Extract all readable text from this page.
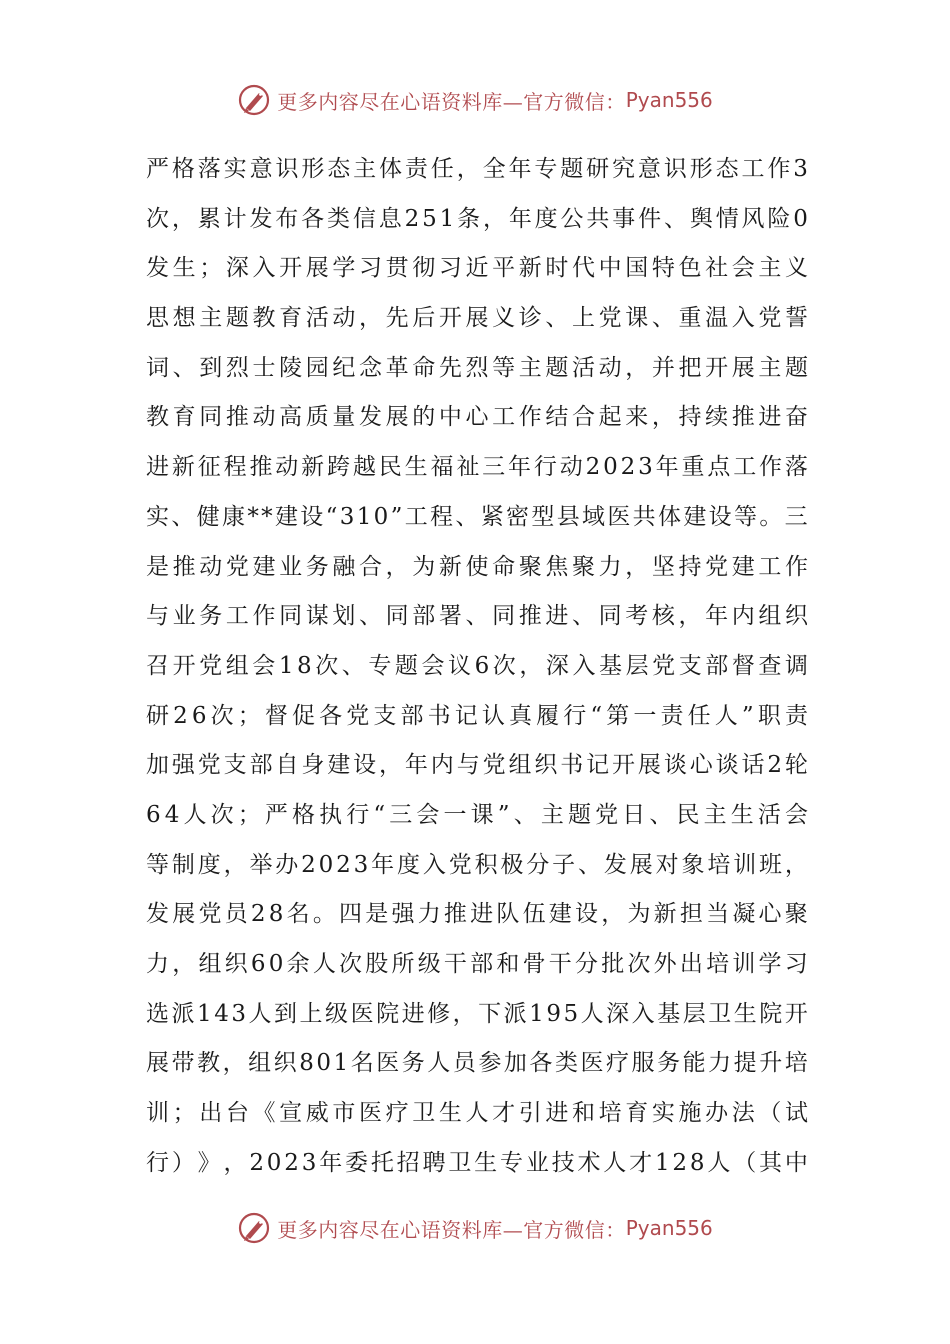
更多内容尽在心语资料库—官方微信： Pyan556
严 格 落 实 意 识 形 态 主 体 责 任 ， 全 年 专 题 研 究 意 识 形 态 工 作 3
次 ， 累 计 发 布 各 类 信 息 2 5 1 条 ， 年 度 公 共 事 件 、 舆 情 风 险 0
发 生 ； 深 入 开 展 学 习 贯 彻 习 近 平 新 时 代 中 国 特 色 社 会 主 义
思 想 主 题 教 育 活 动 ， 先 后 开 展 义 诊 、 上 党 课 、 重 温 入 党 誓
词 、 到 烈 士 陵 园 纪 念 革 命 先 烈 等 主 题 活 动 ， 并 把 开 展 主 题
教 育 同 推 动 高 质 量 发 展 的 中 心 工 作 结 合 起 来 ， 持 续 推 进 奋
进 新 征 程 推 动 新 跨 越 民 生 福 祉 三 年 行 动 2 0 2 3 年 重 点 工 作 落
实 、 健 康 * * 建 设 “ 3 1 0 ” 工 程 、 紧 密 型 县 域 医 共 体 建 设 等 。 三
是 推 动 党 建 业 务 融 合 ， 为 新 使 命 聚 焦 聚 力 ， 坚 持 党 建 工 作
与 业 务 工 作 同 谋 划 、 同 部 署 、 同 推 进 、 同 考 核 ， 年 内 组 织
召 开 党 组 会 1 8 次 、 专 题 会 议 6 次 ， 深 入 基 层 党 支 部 督 查 调
研 2 6 次 ； 督 促 各 党 支 部 书 记 认 真 履 行 “ 第 一 责 任 人 ” 职 责
加 强 党 支 部 自 身 建 设 ， 年 内 与 党 组 织 书 记 开 展 谈 心 谈 话 2 轮
6 4 人 次 ； 严 格 执 行 “ 三 会 一 课 ” 、 主 题 党 日 、 民 主 生 活 会
等 制 度 ， 举 办 2 0 2 3 年 度 入 党 积 极 分 子 、 发 展 对 象 培 训 班 ，
发 展 党 员 2 8 名 。 四 是 强 力 推 进 队 伍 建 设 ， 为 新 担 当 凝 心 聚
力 ， 组 织 6 0 余 人 次 股 所 级 干 部 和 骨 干 分 批 次 外 出 培 训 学 习
选 派 1 4 3 人 到 上 级 医 院 进 修 ， 下 派 1 9 5 人 深 入 基 层 卫 生 院 开
展 带 教 ， 组 织 8 0 1 名 医 务 人 员 参 加 各 类 医 疗 服 务 能 力 提 升 培
训 ； 出 台 《 宣 威 市 医 疗 卫 生 人 才 引 进 和 培 育 实 施 办 法 （ 试
行 ） 》 ， 2 0 2 3 年 委 托 招 聘 卫 生 专 业 技 术 人 才 1 2 8 人 （ 其 中
更多内容尽在心语资料库—官方微信： Pyan556
